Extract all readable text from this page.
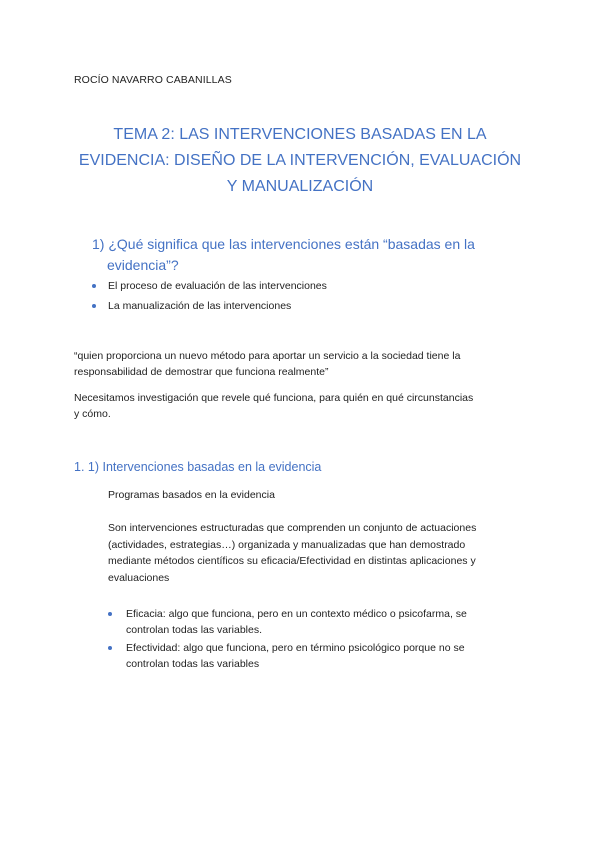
ROCÍO NAVARRO CABANILLAS
TEMA 2: LAS INTERVENCIONES BASADAS EN LA
EVIDENCIA: DISEÑO DE LA INTERVENCIÓN, EVALUACIÓN
Y MANUALIZACIÓN
1) ¿Qué significa que las intervenciones están “basadas en la
evidencia”?
El proceso de evaluación de las intervenciones
La manualización de las intervenciones
“quien proporciona un nuevo método para aportar un servicio a la sociedad tiene la
responsabilidad de demostrar que funciona realmente”
Necesitamos investigación que revele qué funciona, para quién en qué circunstancias
y cómo.
1. 1) Intervenciones basadas en la evidencia
Programas basados en la evidencia
Son intervenciones estructuradas que comprenden un conjunto de actuaciones
(actividades, estrategias…) organizada y manualizadas que han demostrado
mediante métodos científicos su eficacia/Efectividad en distintas aplicaciones y
evaluaciones
Eficacia: algo que funciona, pero en un contexto médico o psicofarma, se
controlan todas las variables.
Efectividad: algo que funciona, pero en término psicológico porque no se
controlan todas las variables
